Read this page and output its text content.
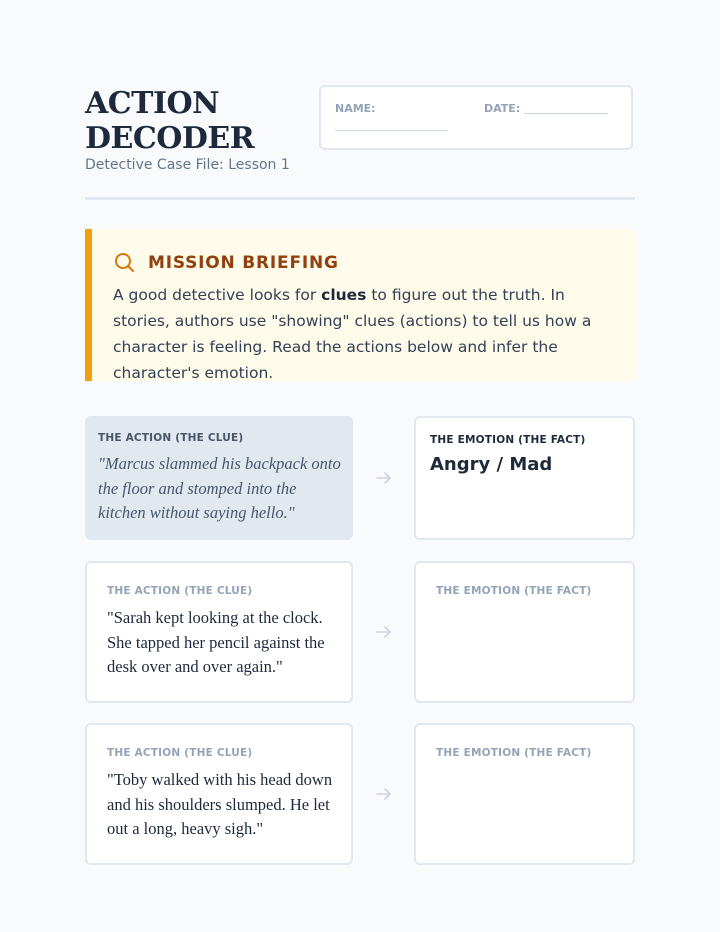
ACTION DECODER
Detective Case File: Lesson 1
NAME:	DATE:
MISSION BRIEFING
A good detective looks for clues to figure out the truth. In stories, authors use "showing" clues (actions) to tell us how a character is feeling. Read the actions below and infer the character's emotion.
THE ACTION (THE CLUE)
"Marcus slammed his backpack onto the floor and stomped into the kitchen without saying hello."
THE EMOTION (THE FACT)
Angry / Mad
THE ACTION (THE CLUE)
"Sarah kept looking at the clock. She tapped her pencil against the desk over and over again."
THE EMOTION (THE FACT)
THE ACTION (THE CLUE)
"Toby walked with his head down and his shoulders slumped. He let out a long, heavy sigh."
THE EMOTION (THE FACT)
